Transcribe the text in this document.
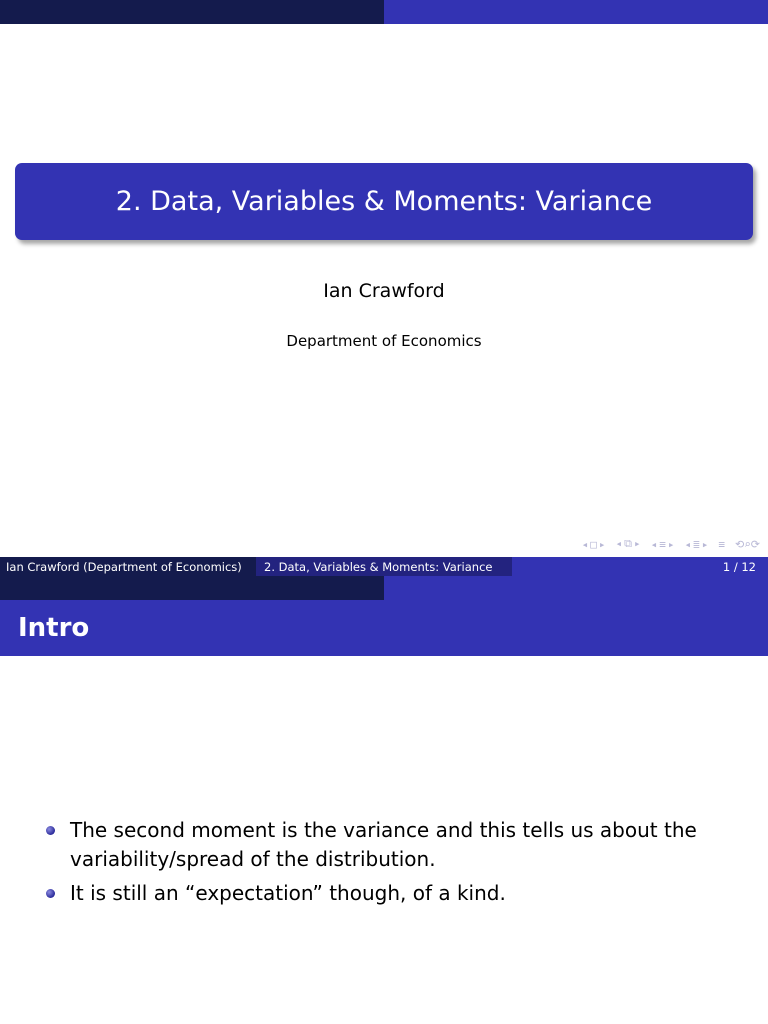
2. Data, Variables & Moments: Variance
Ian Crawford
Department of Economics
◂ □ ▸ ◂ ⧉ ▸ ◂ ≡ ▸ ◂ ≣ ▸ ≡ ⟲⌕⟳
Ian Crawford (Department of Economics)	2. Data, Variables & Moments: Variance	1 / 12
Intro
The second moment is the variance and this tells us about the variability/spread of the distribution.
It is still an “expectation” though, of a kind.
